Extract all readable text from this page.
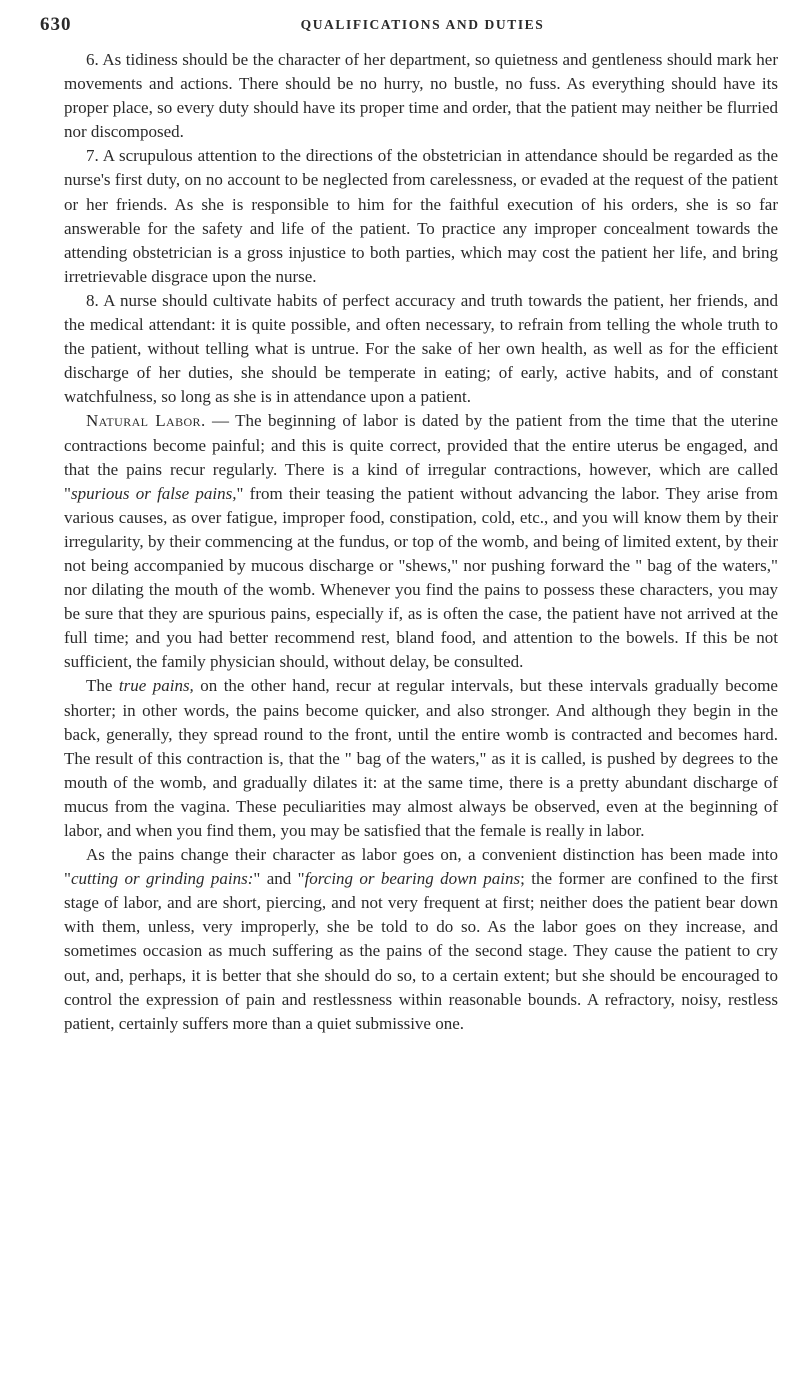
630	QUALIFICATIONS AND DUTIES

6. As tidiness should be the character of her department, so quietness and gentleness should mark her movements and actions. There should be no hurry, no bustle, no fuss. As everything should have its proper place, so every duty should have its proper time and order, that the patient may neither be flurried nor discomposed.

7. A scrupulous attention to the directions of the obstetrician in attendance should be regarded as the nurse's first duty, on no account to be neglected from carelessness, or evaded at the request of the patient or her friends. As she is responsible to him for the faithful execution of his orders, she is so far answerable for the safety and life of the patient. To practice any improper concealment towards the attending obstetrician is a gross injustice to both parties, which may cost the patient her life, and bring irretrievable disgrace upon the nurse.

8. A nurse should cultivate habits of perfect accuracy and truth towards the patient, her friends, and the medical attendant: it is quite possible, and often necessary, to refrain from telling the whole truth to the patient, without telling what is untrue. For the sake of her own health, as well as for the efficient discharge of her duties, she should be temperate in eating; of early, active habits, and of constant watchfulness, so long as she is in attendance upon a patient.

Natural Labor. — The beginning of labor is dated by the patient from the time that the uterine contractions become painful; and this is quite correct, provided that the entire uterus be engaged, and that the pains recur regularly. There is a kind of irregular contractions, however, which are called "spurious or false pains," from their teasing the patient without advancing the labor. They arise from various causes, as over fatigue, improper food, constipation, cold, etc., and you will know them by their irregularity, by their commencing at the fundus, or top of the womb, and being of limited extent, by their not being accompanied by mucous discharge or "shews," nor pushing forward the " bag of the waters," nor dilating the mouth of the womb. Whenever you find the pains to possess these characters, you may be sure that they are spurious pains, especially if, as is often the case, the patient have not arrived at the full time; and you had better recommend rest, bland food, and attention to the bowels. If this be not sufficient, the family physician should, without delay, be consulted.

The true pains, on the other hand, recur at regular intervals, but these intervals gradually become shorter; in other words, the pains become quicker, and also stronger. And although they begin in the back, generally, they spread round to the front, until the entire womb is contracted and becomes hard. The result of this contraction is, that the " bag of the waters," as it is called, is pushed by degrees to the mouth of the womb, and gradually dilates it: at the same time, there is a pretty abundant discharge of mucus from the vagina. These peculiarities may almost always be observed, even at the beginning of labor, and when you find them, you may be satisfied that the female is really in labor.

As the pains change their character as labor goes on, a convenient distinction has been made into "cutting or grinding pains:" and "forcing or bearing down pains; the former are confined to the first stage of labor, and are short, piercing, and not very frequent at first; neither does the patient bear down with them, unless, very improperly, she be told to do so. As the labor goes on they increase, and sometimes occasion as much suffering as the pains of the second stage. They cause the patient to cry out, and, perhaps, it is better that she should do so, to a certain extent; but she should be encouraged to control the expression of pain and restlessness within reasonable bounds. A refractory, noisy, restless patient, certainly suffers more than a quiet submissive one.
